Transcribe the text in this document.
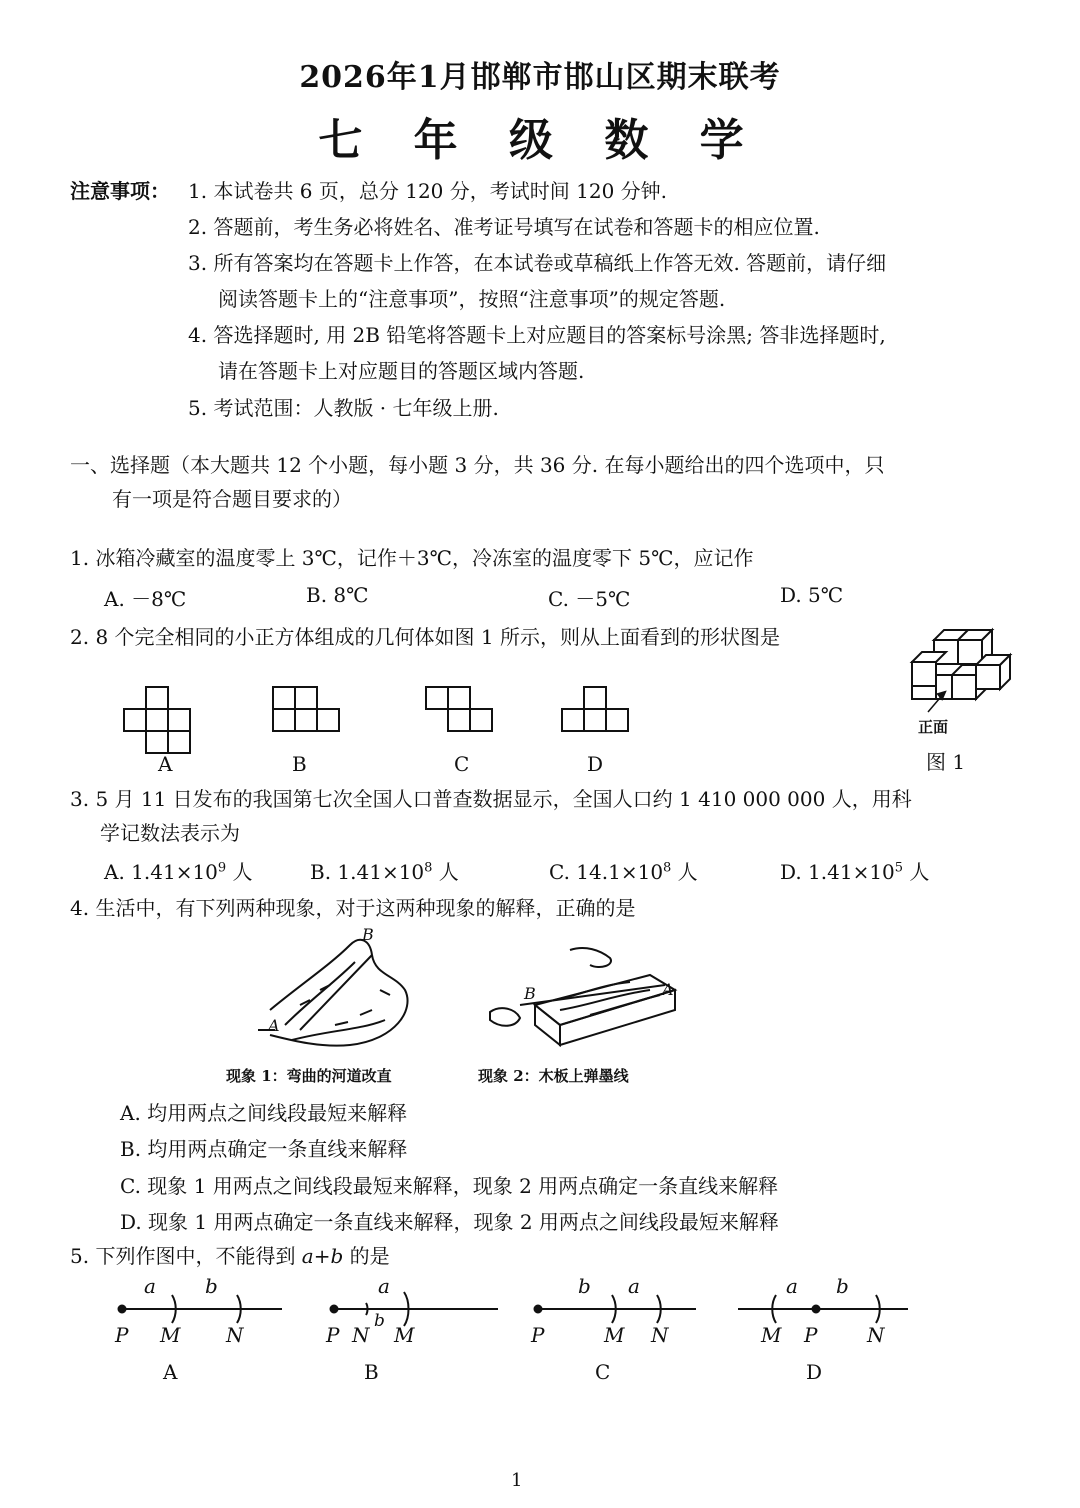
2026年1月邯郸市邯山区期末联考
七 年 级 数 学
注意事项： 1. 本试卷共 6 页，总分 120 分，考试时间 120 分钟.
2. 答题前，考生务必将姓名、准考证号填写在试卷和答题卡的相应位置.
3. 所有答案均在答题卡上作答，在本试卷或草稿纸上作答无效. 答题前，请仔细
阅读答题卡上的“注意事项”，按照“注意事项”的规定答题.
4. 答选择题时, 用 2B 铅笔将答题卡上对应题目的答案标号涂黑; 答非选择题时,
请在答题卡上对应题目的答题区域内答题.
5. 考试范围：人教版 · 七年级上册.
一、选择题（本大题共 12 个小题，每小题 3 分，共 36 分. 在每小题给出的四个选项中，只
有一项是符合题目要求的）
1. 冰箱冷藏室的温度零上 3℃，记作＋3℃，冷冻室的温度零下 5℃，应记作
A. －8℃	B. 8℃	C. －5℃	D. 5℃
2. 8 个完全相同的小正方体组成的几何体如图 1 所示，则从上面看到的形状图是
A	B	C	D
正面
图 1
3. 5 月 11 日发布的我国第七次全国人口普查数据显示，全国人口约 1 410 000 000 人，用科
学记数法表示为
A. $1.41\times 10^9$ 人	B. $1.41\times 10^8$ 人	C. $14.1\times 10^8$ 人	D. $1.41\times 10^5$ 人
4. 生活中，有下列两种现象，对于这两种现象的解释，正确的是
B
A
B	A
现象 1：弯曲的河道改直	现象 2：木板上弹墨线
A. 均用两点之间线段最短来解释
B. 均用两点确定一条直线来解释
C. 现象 1 用两点之间线段最短来解释，现象 2 用两点确定一条直线来解释
D. 现象 1 用两点确定一条直线来解释，现象 2 用两点之间线段最短来解释
5. 下列作图中，不能得到 a+b 的是
a b
P M N
A
a
b
P N M
B
b a
P	M N
C
a b
M P N
D
1
